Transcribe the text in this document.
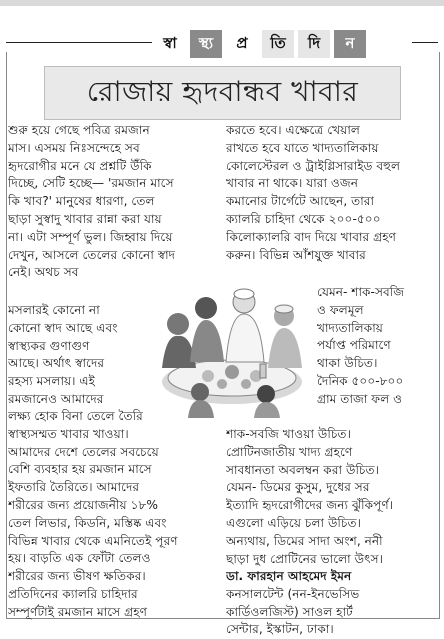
স্বা	স্থ্য	প্র	তি	দি	ন
রোজায় হৃদবান্ধব খাবার
শুরু হয়ে গেছে পবিত্র রমজান
মাস। এসময় নিঃসন্দেহে সব
হৃদরোগীর মনে যে প্রশ্নটি উঁকি
দিচ্ছে, সেটি হচ্ছে— 'রমজান মাসে
কি খাব?' মানুষের ধারণা, তেল
ছাড়া সুস্বাদু খাবার রান্না করা যায়
না। এটা সম্পূর্ণ ভুল। জিহ্বায় দিয়ে
দেখুন, আসলে তেলের কোনো স্বাদ
নেই। অথচ সব
মসলারই কোনো না
কোনো স্বাদ আছে এবং
স্বাস্থ্যকর গুণাগুণ
আছে। অর্থাৎ স্বাদের
রহস্য মসলায়। এই
রমজানেও আমাদের
লক্ষ্য হোক বিনা তেলে তৈরি
স্বাস্থ্যসম্মত খাবার খাওয়া।
আমাদের দেশে তেলের সবচেয়ে
বেশি ব্যবহার হয় রমজান মাসে
ইফতারি তৈরিতে। আমাদের
শরীরের জন্য প্রয়োজনীয় ১৮%
তেল লিভার, কিডনি, মস্তিষ্ক এবং
বিভিন্ন খাবার থেকে এমনিতেই পূরণ
হয়। বাড়তি এক ফোঁটা তেলও
শরীরের জন্য ভীষণ ক্ষতিকর।
প্রতিদিনের ক্যালরি চাহিদার
সম্পূর্ণটাই রমজান মাসে গ্রহণ
করতে হবে। এক্ষেত্রে খেয়াল
রাখতে হবে যাতে খাদ্যতালিকায়
কোলেস্টেরল ও ট্রাইগ্লিসারাইড বহুল
খাবার না থাকে। যারা ওজন
কমানোর টার্গেটে আছেন, তারা
ক্যালরি চাহিদা থেকে ২০০-৫০০
কিলোক্যালরি বাদ দিয়ে খাবার গ্রহণ
করুন। বিভিন্ন আঁশযুক্ত খাবার
যেমন- শাক-সবজি
ও ফলমূল
খাদ্যতালিকায়
পর্যাপ্ত পরিমাণে
থাকা উচিত।
দৈনিক ৫০০-৮০০
গ্রাম তাজা ফল ও
শাক-সবজি খাওয়া উচিত।
প্রোটিনজাতীয় খাদ্য গ্রহণে
সাবধানতা অবলম্বন করা উচিত।
যেমন- ডিমের কুসুম, দুধের সর
ইত্যাদি হৃদরোগীদের জন্য ঝুঁকিপূর্ণ।
এগুলো এড়িয়ে চলা উচিত।
অন্যথায়, ডিমের সাদা অংশ, ননী
ছাড়া দুধ প্রোটিনের ভালো উৎস।
ডা. ফারহান আহমেদ ইমন
কনসালটেন্ট (নন-ইনভেসিভ
কার্ডিওলজিস্ট) সাওল হার্ট
সেন্টার, ইস্কাটন, ঢাকা।
